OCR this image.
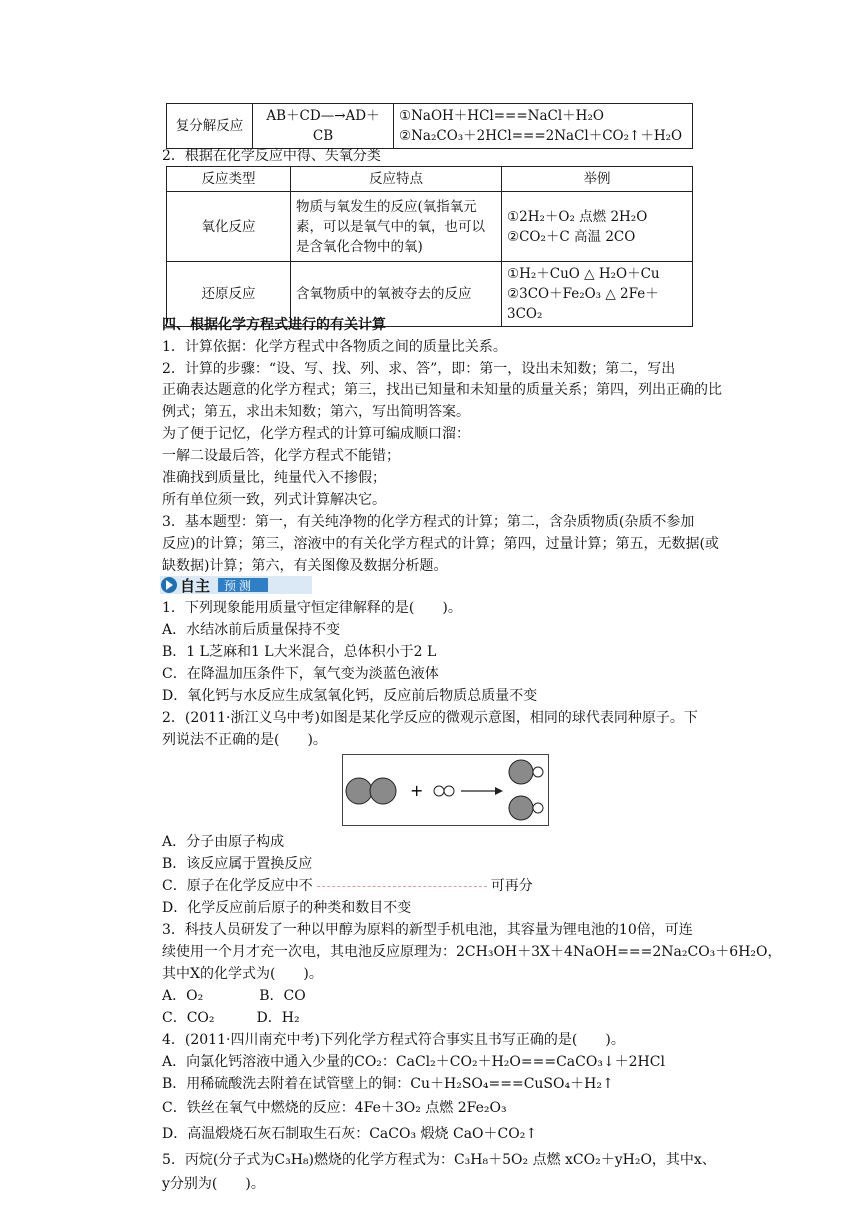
复分解反应	AB＋CD—→AD＋CB	
①NaOH＋HCl===NaCl＋H₂O
②Na₂CO₃＋2HCl===2NaCl＋CO₂↑＋H₂O
2．根据在化学反应中得、失氧分类
反应类型	反应特点	举例
氧化反应	物质与氧发生的反应(氧指氧元素，可以是氧气中的氧，也可以是含氧化合物中的氧)	①2H₂＋O₂ 点燃 2H₂O
②CO₂＋C 高温 2CO

还原反应	含氧物质中的氧被夺去的反应	①H₂＋CuO △ H₂O＋Cu
②3CO＋Fe₂O₃ △ 2Fe＋3CO₂
四、根据化学方程式进行的有关计算
1．计算依据：化学方程式中各物质之间的质量比关系。
2．计算的步骤：“设、写、找、列、求、答”，即：第一，设出未知数；第二，写出
正确表达题意的化学方程式；第三，找出已知量和未知量的质量关系；第四，列出正确的比
例式；第五，求出未知数；第六，写出简明答案。
为了便于记忆，化学方程式的计算可编成顺口溜：
一解二设最后答，化学方程式不能错；
准确找到质量比，纯量代入不掺假；
所有单位须一致，列式计算解决它。
3．基本题型：第一，有关纯净物的化学方程式的计算；第二，含杂质物质(杂质不参加
反应)的计算；第三，溶液中的有关化学方程式的计算；第四，过量计算；第五，无数据(或
缺数据)计算；第六，有关图像及数据分析题。
自主 预测
1．下列现象能用质量守恒定律解释的是(　　)。
A．水结冰前后质量保持不变
B．1 L芝麻和1 L大米混合，总体积小于2 L
C．在降温加压条件下，氧气变为淡蓝色液体
D．氧化钙与水反应生成氢氧化钙，反应前后物质总质量不变
2．(2011·浙江义乌中考)如图是某化学反应的微观示意图，相同的球代表同种原子。下
列说法不正确的是(　　)。
+
A．分子由原子构成
B．该反应属于置换反应
C．原子在化学反应中不	可再分
D．化学反应前后原子的种类和数目不变
3．科技人员研发了一种以甲醇为原料的新型手机电池，其容量为锂电池的10倍，可连
续使用一个月才充一次电，其电池反应原理为：2CH₃OH＋3X＋4NaOH===2Na₂CO₃＋6H₂O，
其中X的化学式为(　　)。
A．O₂　　　　B．CO
C．CO₂　　　D．H₂
4．(2011·四川南充中考)下列化学方程式符合事实且书写正确的是(　　)。
A．向氯化钙溶液中通入少量的CO₂：CaCl₂＋CO₂＋H₂O===CaCO₃↓＋2HCl
B．用稀硫酸洗去附着在试管壁上的铜：Cu＋H₂SO₄===CuSO₄＋H₂↑
C．铁丝在氧气中燃烧的反应：4Fe＋3O₂ 点燃 2Fe₂O₃
D．高温煅烧石灰石制取生石灰：CaCO₃ 煅烧 CaO＋CO₂↑
5．丙烷(分子式为C₃H₈)燃烧的化学方程式为：C₃H₈＋5O₂ 点燃 xCO₂＋yH₂O，其中x、
y分别为(　　)。
